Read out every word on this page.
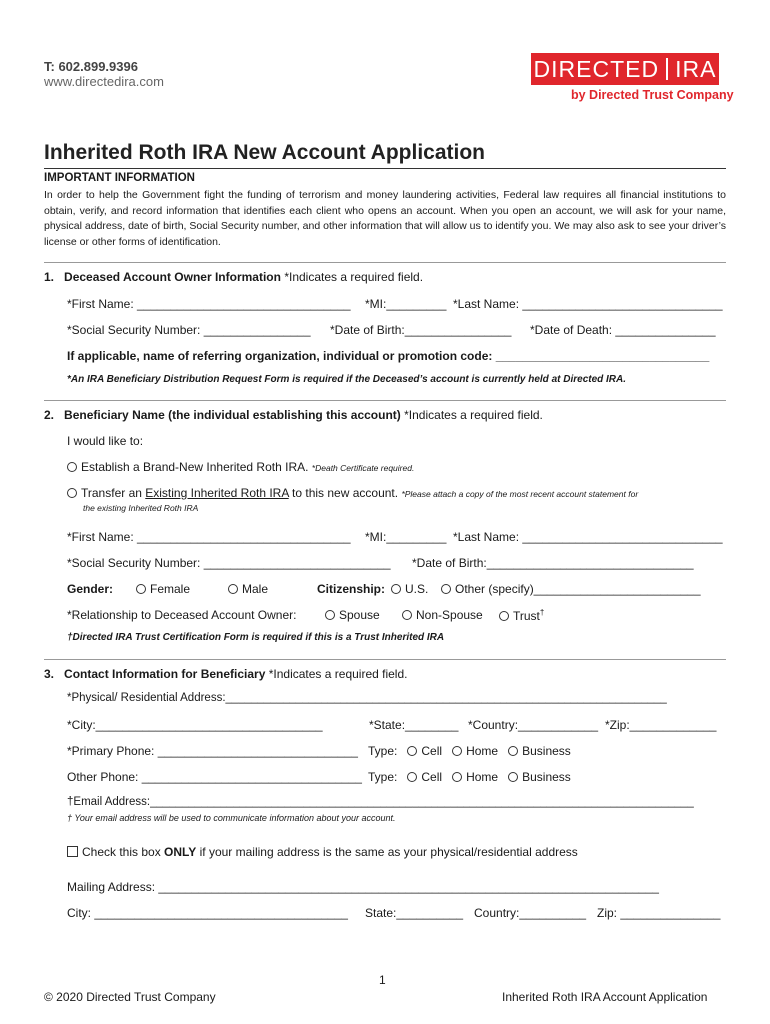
T: 602.899.9396
www.directedira.com	DIRECTED IRA
by Directed Trust Company
Inherited Roth IRA New Account Application
IMPORTANT INFORMATION
In order to help the Government fight the funding of terrorism and money laundering activities, Federal law requires all financial institutions to obtain, verify, and record information that identifies each client who opens an account. When you open an account, we will ask for your name, physical address, date of birth, Social Security number, and other information that will allow us to identify you. We may also ask to see your driver’s license or other forms of identification.
1. Deceased Account Owner Information *Indicates a required field.
*First Name: ________________________________ *MI:_________ *Last Name: ______________________________
*Social Security Number: ________________ *Date of Birth:________________ *Date of Death: _______________
If applicable, name of referring organization, individual or promotion code: ________________________________
*An IRA Beneficiary Distribution Request Form is required if the Deceased’s account is currently held at Directed IRA.
2. Beneficiary Name (the individual establishing this account) *Indicates a required field.
I would like to:
Establish a Brand-New Inherited Roth IRA. *Death Certificate required.
Transfer an Existing Inherited Roth IRA to this new account. *Please attach a copy of the most recent account statement for
the existing Inherited Roth IRA
*First Name: ________________________________ *MI:_________ *Last Name: ______________________________
*Social Security Number: ____________________________ *Date of Birth:_______________________________
Gender:	Female	Male	Citizenship:	U.S.	Other (specify)_________________________
*Relationship to Deceased Account Owner:	Spouse	Non-Spouse	Trust†
†Directed IRA Trust Certification Form is required if this is a Trust Inherited IRA
3. Contact Information for Beneficiary *Indicates a required field.
*Physical/ Residential Address:_____________________________________________________________________
*City:__________________________________	*State:________ *Country:____________ *Zip:_____________
*Primary Phone: ______________________________ Type: Cell Home Business
Other Phone: _________________________________ Type: Cell Home Business
†Email Address:_____________________________________________________________________________________
† Your email address will be used to communicate information about your account.
Check this box ONLY if your mailing address is the same as your physical/residential address
Mailing Address: ___________________________________________________________________________
City: ______________________________________ State:__________ Country:__________ Zip: _______________
1
© 2020 Directed Trust Company	Inherited Roth IRA Account Application
